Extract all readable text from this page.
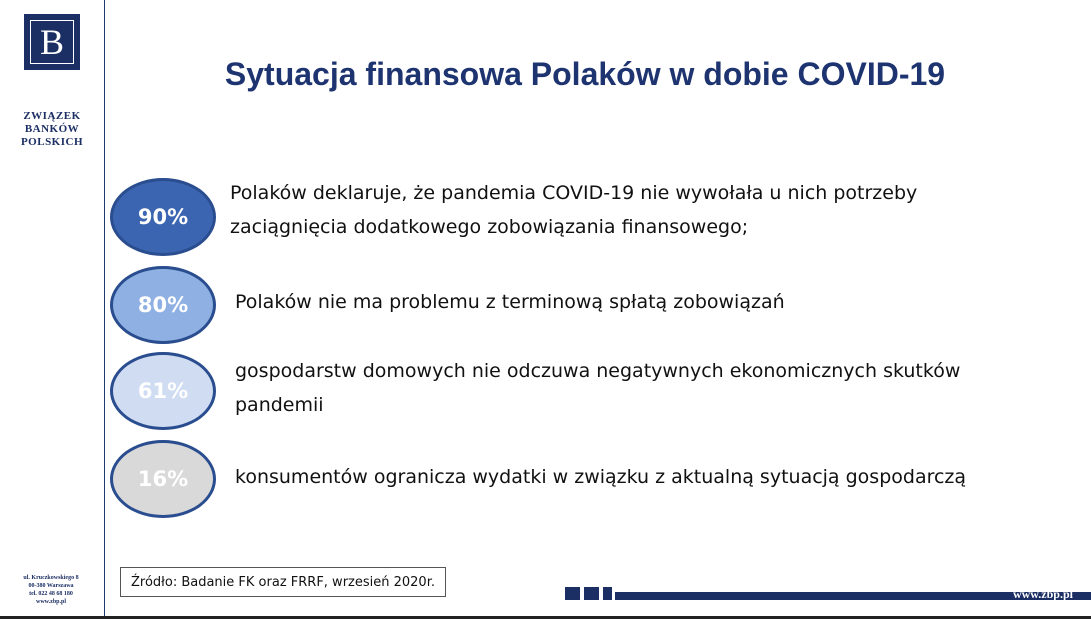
B
ZWIĄZEK
BANKÓW
POLSKICH
ul. Kruczkowskiego 8
00-380 Warszawa
tel. 022 48 68 180
www.zbp.pl
Sytuacja finansowa Polaków w dobie COVID-19
90%
Polaków deklaruje, że pandemia COVID-19 nie wywołała u nich potrzeby
zaciągnięcia dodatkowego zobowiązania finansowego;
80%	Polaków nie ma problemu z terminową spłatą zobowiązań
61%
gospodarstw domowych nie odczuwa negatywnych ekonomicznych skutków
pandemii
16%	konsumentów ogranicza wydatki w związku z aktualną sytuacją gospodarczą
Źródło: Badanie FK oraz FRRF, wrzesień 2020r.
www.zbp.pl
